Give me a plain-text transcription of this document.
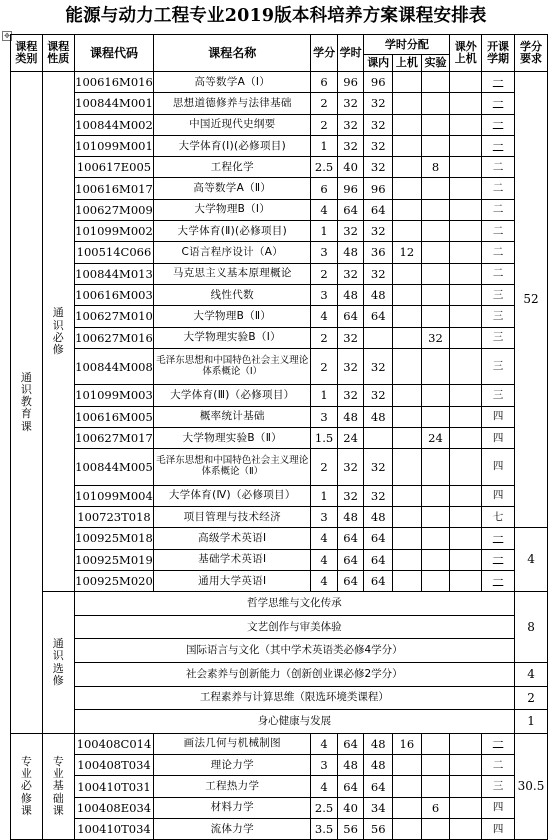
能源与动力工程专业2019版本科培养方案课程安排表
✥
课程类别	课程性质	课程代码	课程名称	学分	学时	学时分配			课外上机	开课学期	学分要求
						课内	上机	实验			
通识教育课	通识必修	100616M016	高等数学A（Ⅰ）	6	96	96				一	52
		100844M001	思想道德修养与法律基础	2	32	32				一	
		100844M002	中国近现代史纲要	2	32	32				一	
		101099M001	大学体育(Ⅰ)(必修项目)	1	32	32				一	
		100617E005	工程化学	2.5	40	32		8		二	
		100616M017	高等数学A（Ⅱ）	6	96	96				二	
		100627M009	大学物理B（Ⅰ）	4	64	64				二	
		101099M002	大学体育(Ⅱ)(必修项目)	1	32	32				二	
		100514C066	C语言程序设计（A）	3	48	36	12			二	
		100844M013	马克思主义基本原理概论	2	32	32				二	
		100616M003	线性代数	3	48	48				三	
		100627M010	大学物理B（Ⅱ）	4	64	64				三	
		100627M016	大学物理实验B（Ⅰ）	2	32			32		三	
		100844M008	毛泽东思想和中国特色社会主义理论体系概论（Ⅰ）	2	32	32				三	
		101099M003	大学体育(Ⅲ)（必修项目）	1	32	32				三	
		100616M005	概率统计基础	3	48	48				四	
		100627M017	大学物理实验B（Ⅱ）	1.5	24			24		四	
		100844M005	毛泽东思想和中国特色社会主义理论体系概论（Ⅱ）	2	32	32				四	
		101099M004	大学体育(Ⅳ)（必修项目）	1	32	32				四	
		100723T018	项目管理与技术经济	3	48	48				七	
		100925M018	高级学术英语Ⅰ	4	64	64				一	4
		100925M019	基础学术英语Ⅰ	4	64	64				一	
		100925M020	通用大学英语Ⅰ	4	64	64				一	
	通识选修	哲学思维与文化传承									8
		文艺创作与审美体验									
		国际语言与文化（其中学术英语类必修4学分）									
		社会素养与创新能力（创新创业课必修2学分）									4
		工程素养与计算思维（限选环境类课程）									2
		身心健康与发展									1
专业必修课	专业基础课	100408C014	画法几何与机械制图	4	64	48	16			一	30.5
		100408T034	理论力学	3	48	48				二	
		100410T031	工程热力学	4	64	64				三	
		100408E034	材料力学	2.5	40	34		6		四	
		100410T034	流体力学	3.5	56	56				四	
